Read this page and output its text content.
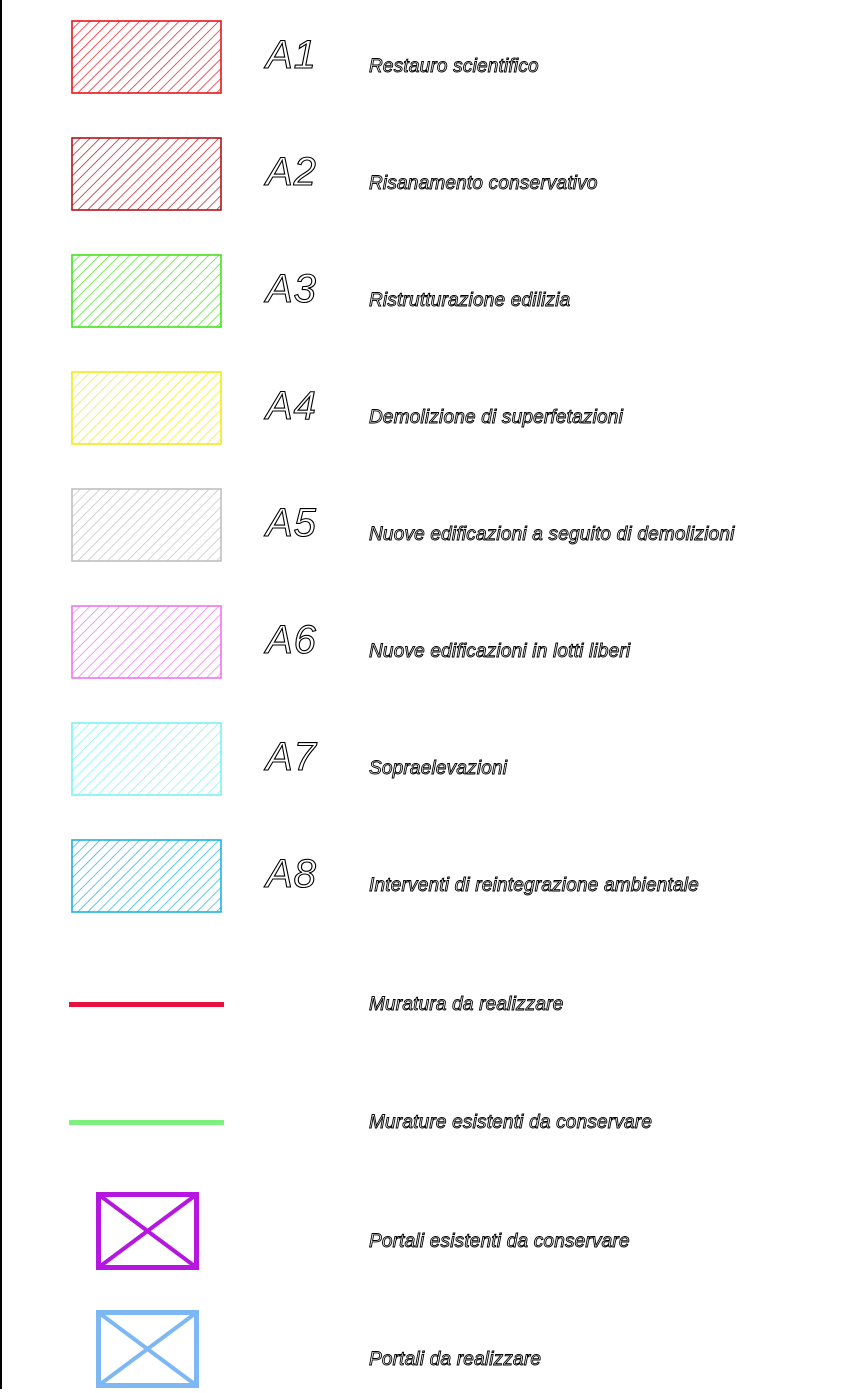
A1	Restauro scientifico
A2	Risanamento conservativo
A3	Ristrutturazione edilizia
A4	Demolizione di superfetazioni
A5	Nuove edificazioni a seguito di demolizioni
A6	Nuove edificazioni in lotti liberi
A7	Sopraelevazioni
A8	Interventi di reintegrazione ambientale
Muratura da realizzare
Murature esistenti da conservare
Portali esistenti da conservare
Portali da realizzare
